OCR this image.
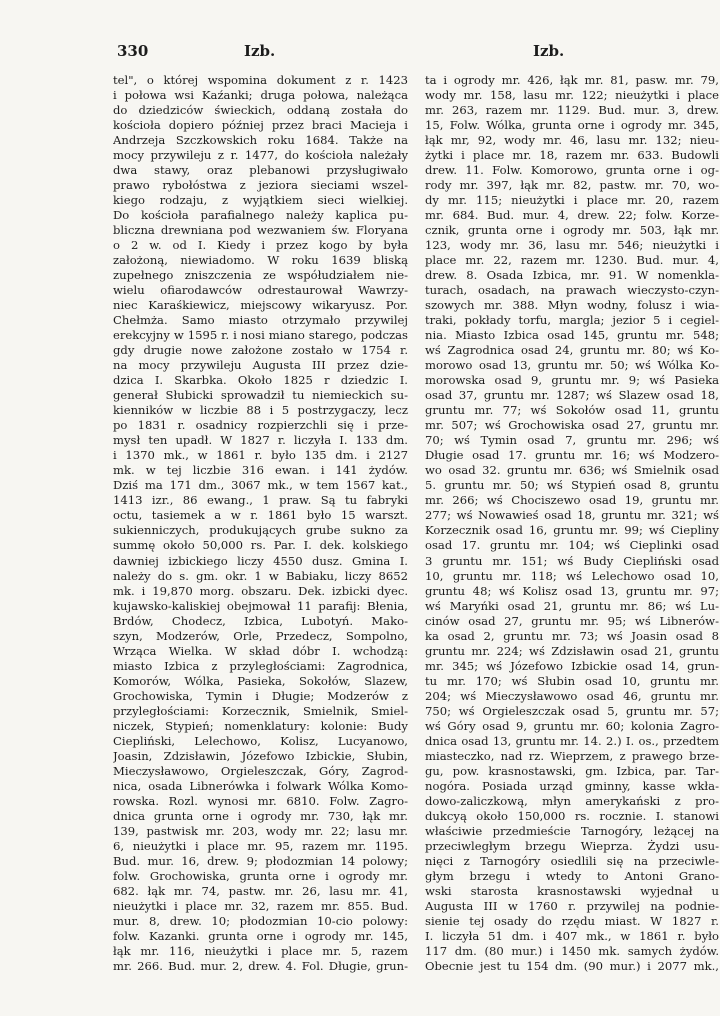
330	Izb.	Izb.
tel", o której wspomina dokument z r. 1423
i połowa wsi Kaźanki; druga połowa, należąca
do dziedziców świeckich, oddaną została do
kościoła dopiero później przez braci Macieja i
Andrzeja Szczkowskich roku 1684. Także na
mocy przywileju z r. 1477, do kościoła należały
dwa stawy, oraz plebanowi przysługiwało
prawo rybołóstwa z jeziora sieciami wszel-
kiego rodzaju, z wyjątkiem sieci wielkiej.
Do kościoła parafialnego należy kaplica pu-
bliczna drewniana pod wezwaniem św. Floryana
o 2 w. od I. Kiedy i przez kogo by była
założoną, niewiadomo. W roku 1639 bliską
zupełnego zniszczenia ze współudziałem nie-
wielu ofiarodawców odrestaurował Wawrzy-
niec Karaśkiewicz, miejscowy wikaryusz. Por.
Chełmża. Samo miasto otrzymało przywilej
erekcyjny w 1595 r. i nosi miano starego, podczas
gdy drugie nowe założone zostało w 1754 r.
na mocy przywileju Augusta III przez dzie-
dzica I. Skarbka. Około 1825 r dziedzic I.
generał Słubicki sprowadził tu niemieckich su-
kienników w liczbie 88 i 5 postrzygaczy, lecz
po 1831 r. osadnicy rozpierzchli się i prze-
mysł ten upadł. W 1827 r. liczyła I. 133 dm.
i 1370 mk., w 1861 r. było 135 dm. i 2127
mk. w tej liczbie 316 ewan. i 141 żydów.
Dziś ma 171 dm., 3067 mk., w tem 1567 kat.,
1413 izr., 86 ewang., 1 praw. Są tu fabryki
octu, tasiemek a w r. 1861 było 15 warszt.
sukienniczych, produkujących grube sukno za
summę około 50,000 rs. Par. I. dek. kolskiego
dawniej izbickiego liczy 4550 dusz. Gmina I.
należy do s. gm. okr. 1 w Babiaku, liczy 8652
mk. i 19,870 morg. obszaru. Dek. izbicki dyec.
kujawsko-kaliskiej obejmował 11 parafij: Błenia,
Brdów, Chodecz, Izbica, Lubotyń. Mako-
szyn, Modzerów, Orle, Przedecz, Sompolno,
Wrząca Wielka. W skład dóbr I. wchodzą:
miasto Izbica z przyległościami: Zagrodnica,
Komorów, Wólka, Pasieka, Sokołów, Slazew,
Grochowiska, Tymin i Długie; Modzerów z
przyległościami: Korzecznik, Smielnik, Smiel-
niczek, Stypień; nomenklatury: kolonie: Budy
Ciepliński, Lelechowo, Kolisz, Lucyanowo,
Joasin, Zdzisławin, Józefowo Izbickie, Słubin,
Mieczysławowo, Orgieleszczak, Góry, Zagrod-
nica, osada Libnerówka i folwark Wólka Komo-
rowska. Rozl. wynosi mr. 6810. Folw. Zagro-
dnica grunta orne i ogrody mr. 730, łąk mr.
139, pastwisk mr. 203, wody mr. 22; lasu mr.
6, nieużytki i place mr. 95, razem mr. 1195.
Bud. mur. 16, drew. 9; płodozmian 14 polowy;
folw. Grochowiska, grunta orne i ogrody mr.
682. łąk mr. 74, pastw. mr. 26, lasu mr. 41,
nieużytki i place mr. 32, razem mr. 855. Bud.
mur. 8, drew. 10; płodozmian 10-cio polowy:
folw. Kazanki. grunta orne i ogrody mr. 145,
łąk mr. 116, nieużytki i place mr. 5, razem
mr. 266. Bud. mur. 2, drew. 4. Fol. Długie, grun-
ta i ogrody mr. 426, łąk mr. 81, pasw. mr. 79,
wody mr. 158, lasu mr. 122; nieużytki i place
mr. 263, razem mr. 1129. Bud. mur. 3, drew.
15, Folw. Wólka, grunta orne i ogrody mr. 345,
łąk mr, 92, wody mr. 46, lasu mr. 132; nieu-
żytki i place mr. 18, razem mr. 633. Budowli
drew. 11. Folw. Komorowo, grunta orne i og-
rody mr. 397, łąk mr. 82, pastw. mr. 70, wo-
dy mr. 115; nieużytki i place mr. 20, razem
mr. 684. Bud. mur. 4, drew. 22; folw. Korze-
cznik, grunta orne i ogrody mr. 503, łąk mr.
123, wody mr. 36, lasu mr. 546; nieużytki i
place mr. 22, razem mr. 1230. Bud. mur. 4,
drew. 8. Osada Izbica, mr. 91. W nomenkla-
turach, osadach, na prawach wieczysto-czyn-
szowych mr. 388. Młyn wodny, folusz i wia-
traki, pokłady torfu, margla; jezior 5 i cegiel-
nia. Miasto Izbica osad 145, gruntu mr. 548;
wś Zagrodnica osad 24, gruntu mr. 80; wś Ko-
morowo osad 13, gruntu mr. 50; wś Wólka Ko-
morowska osad 9, gruntu mr. 9; wś Pasieka
osad 37, gruntu mr. 1287; wś Slazew osad 18,
gruntu mr. 77; wś Sokołów osad 11, gruntu
mr. 507; wś Grochowiska osad 27, gruntu mr.
70; wś Tymin osad 7, gruntu mr. 296; wś
Długie osad 17. gruntu mr. 16; wś Modzero-
wo osad 32. gruntu mr. 636; wś Smielnik osad
5. gruntu mr. 50; wś Stypień osad 8, gruntu
mr. 266; wś Chociszewo osad 19, gruntu mr.
277; wś Nowawieś osad 18, gruntu mr. 321; wś
Korzecznik osad 16, gruntu mr. 99; wś Ciepliny
osad 17. gruntu mr. 104; wś Cieplinki osad
3 gruntu mr. 151; wś Budy Ciepliński osad
10, gruntu mr. 118; wś Lelechowo osad 10,
gruntu 48; wś Kolisz osad 13, gruntu mr. 97;
wś Maryńki osad 21, gruntu mr. 86; wś Lu-
cinów osad 27, gruntu mr. 95; wś Libnerów-
ka osad 2, gruntu mr. 73; wś Joasin osad 8
gruntu mr. 224; wś Zdzisławin osad 21, gruntu
mr. 345; wś Józefowo Izbickie osad 14, grun-
tu mr. 170; wś Słubin osad 10, gruntu mr.
204; wś Mieczysławowo osad 46, gruntu mr.
750; wś Orgieleszczak osad 5, gruntu mr. 57;
wś Góry osad 9, gruntu mr. 60; kolonia Zagro-
dnica osad 13, gruntu mr. 14. 2.) I. os., przedtem
miasteczko, nad rz. Wieprzem, z prawego brze-
gu, pow. krasnostawski, gm. Izbica, par. Tar-
nogóra. Posiada urząd gminny, kasse wkła-
dowo-zaliczkową, młyn amerykański z pro-
dukcyą około 150,000 rs. rocznie. I. stanowi
właściwie przedmieście Tarnogóry, leżącej na
przeciwległym brzegu Wieprza. Żydzi usu-
nięci z Tarnogóry osiedlili się na przeciwle-
głym brzegu i wtedy to Antoni Grano-
wski starosta krasnostawski wyjednał u
Augusta III w 1760 r. przywilej na podnie-
sienie tej osady do rzędu miast. W 1827 r.
I. liczyła 51 dm. i 407 mk., w 1861 r. było
117 dm. (80 mur.) i 1450 mk. samych żydów.
Obecnie jest tu 154 dm. (90 mur.) i 2077 mk.,
